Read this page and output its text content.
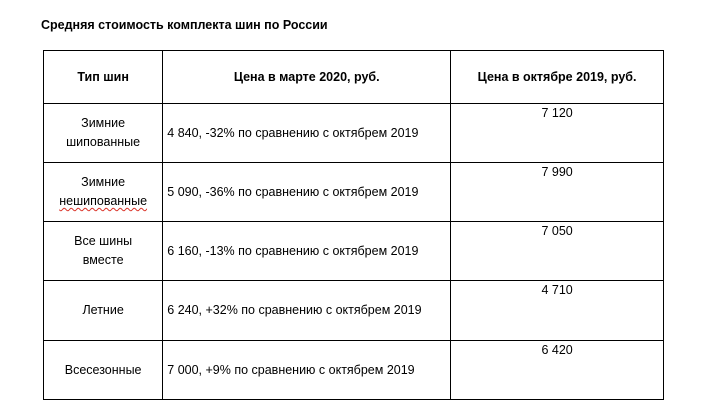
Средняя стоимость комплекта шин по России
Тип шин	Цена в марте 2020, руб.	Цена в октябре 2019, руб.

Зимние
шипованные	4 840, -32% по сравнению с октябрем 2019	7 120

Зимние
нешипованные	5 090, -36% по сравнению с октябрем 2019	7 990

Все шины
вместе	6 160, -13% по сравнению с октябрем 2019	7 050

Летние	6 240, +32% по сравнению с октябрем 2019	4 710

Всесезонные	7 000, +9% по сравнению с октябрем 2019	6 420
